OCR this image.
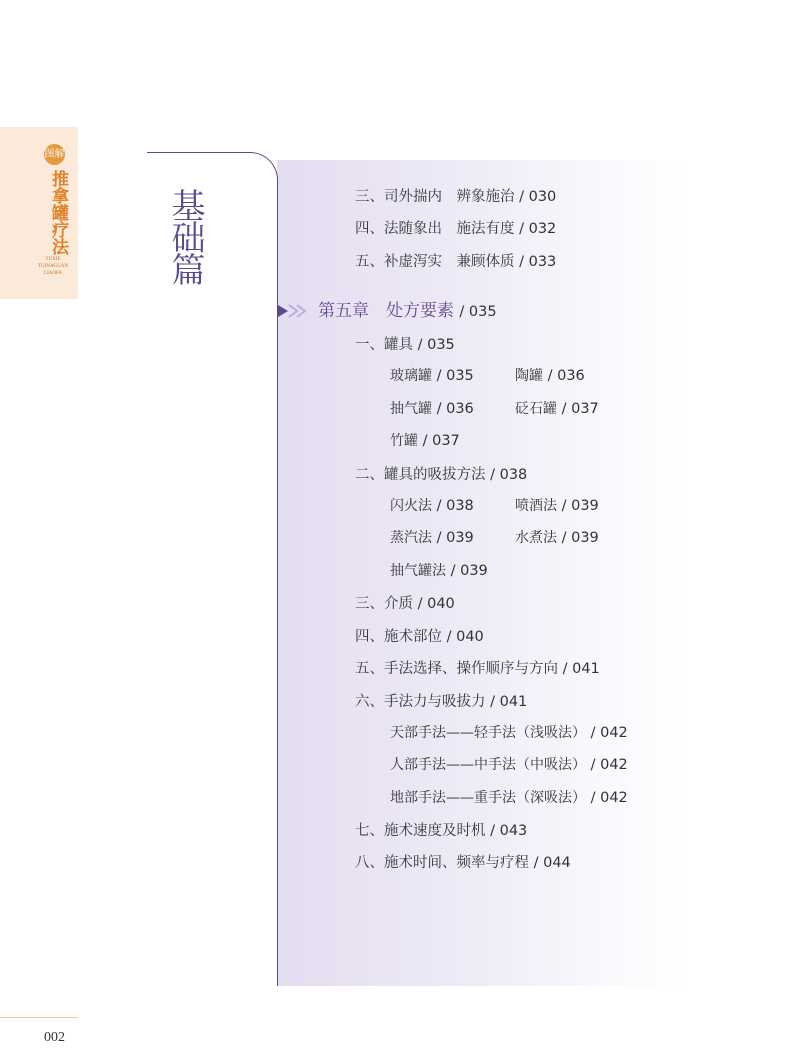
图解
推拿罐疗法
TUXIE
TUINAGUAN
LIAOFA	基础篇	三、司外揣内　辨象施治 / 030
四、法随象出　施法有度 / 032
五、补虚泻实　兼顾体质 / 033
第五章　处方要素 / 035
一、罐具 / 035
玻璃罐 / 035	陶罐 / 036
抽气罐 / 036	砭石罐 / 037
竹罐 / 037
二、罐具的吸拔方法 / 038
闪火法 / 038	喷酒法 / 039
蒸汽法 / 039	水煮法 / 039
抽气罐法 / 039
三、介质 / 040
四、施术部位 / 040
五、手法选择、操作顺序与方向 / 041
六、手法力与吸拔力 / 041
天部手法——轻手法（浅吸法） / 042
人部手法——中手法（中吸法） / 042
地部手法——重手法（深吸法） / 042
七、施术速度及时机 / 043
八、施术时间、频率与疗程 / 044
002
